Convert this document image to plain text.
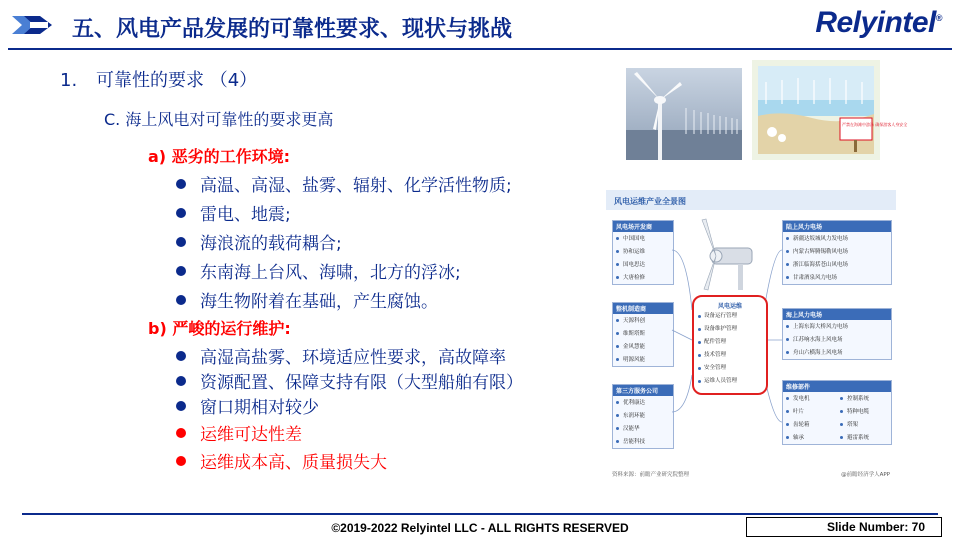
五、风电产品发展的可靠性要求、现状与挑战	Relyintel®
1. 可靠性的要求 （4）
C. 海上风电对可靠性的要求更高
a) 恶劣的工作环境:
高温、高湿、盐雾、辐射、化学活性物质;
雷电、地震;
海浪流的载荷耦合;
东南海上台风、海啸，北方的浮冰;
海生物附着在基础，产生腐蚀。
b) 严峻的运行维护:
高湿高盐雾、环境适应性要求，高故障率
资源配置、保障支持有限（大型船舶有限）
窗口期相对较少
运维可达性差
运维成本高、质量损失大
严禁在海滩中游泳 确保游客人身安全
风电运维产业全景图
风电场开发商
中国国电
协和运维
国电思达
大唐检修
整机制造商
天源科创
维斯塔斯
金风慧能
明源风能
第三方服务公司
优利康达
东润环能
汉能华
岳能科技
风电运维
设备运行管理
设备维护管理
配件管理
技术管理
安全管理
运维人员管理
陆上风力电场
新疆达坂城风力发电场
内蒙古辉腾锡勒风电场
浙江临海括苍山风电场
甘肃酒泉风力电场
海上风力电场
上海东海大桥风力电场
江苏响水海上风电场
舟山六横海上风电场
维修部件
发电机	控制系统
叶片	特种电缆
齿轮箱	塔架
轴承	避雷系统
资料来源：前瞻产业研究院整理	@前瞻经济学人APP
©2019-2022 Relyintel LLC - ALL RIGHTS RESERVED	Slide Number: 70
